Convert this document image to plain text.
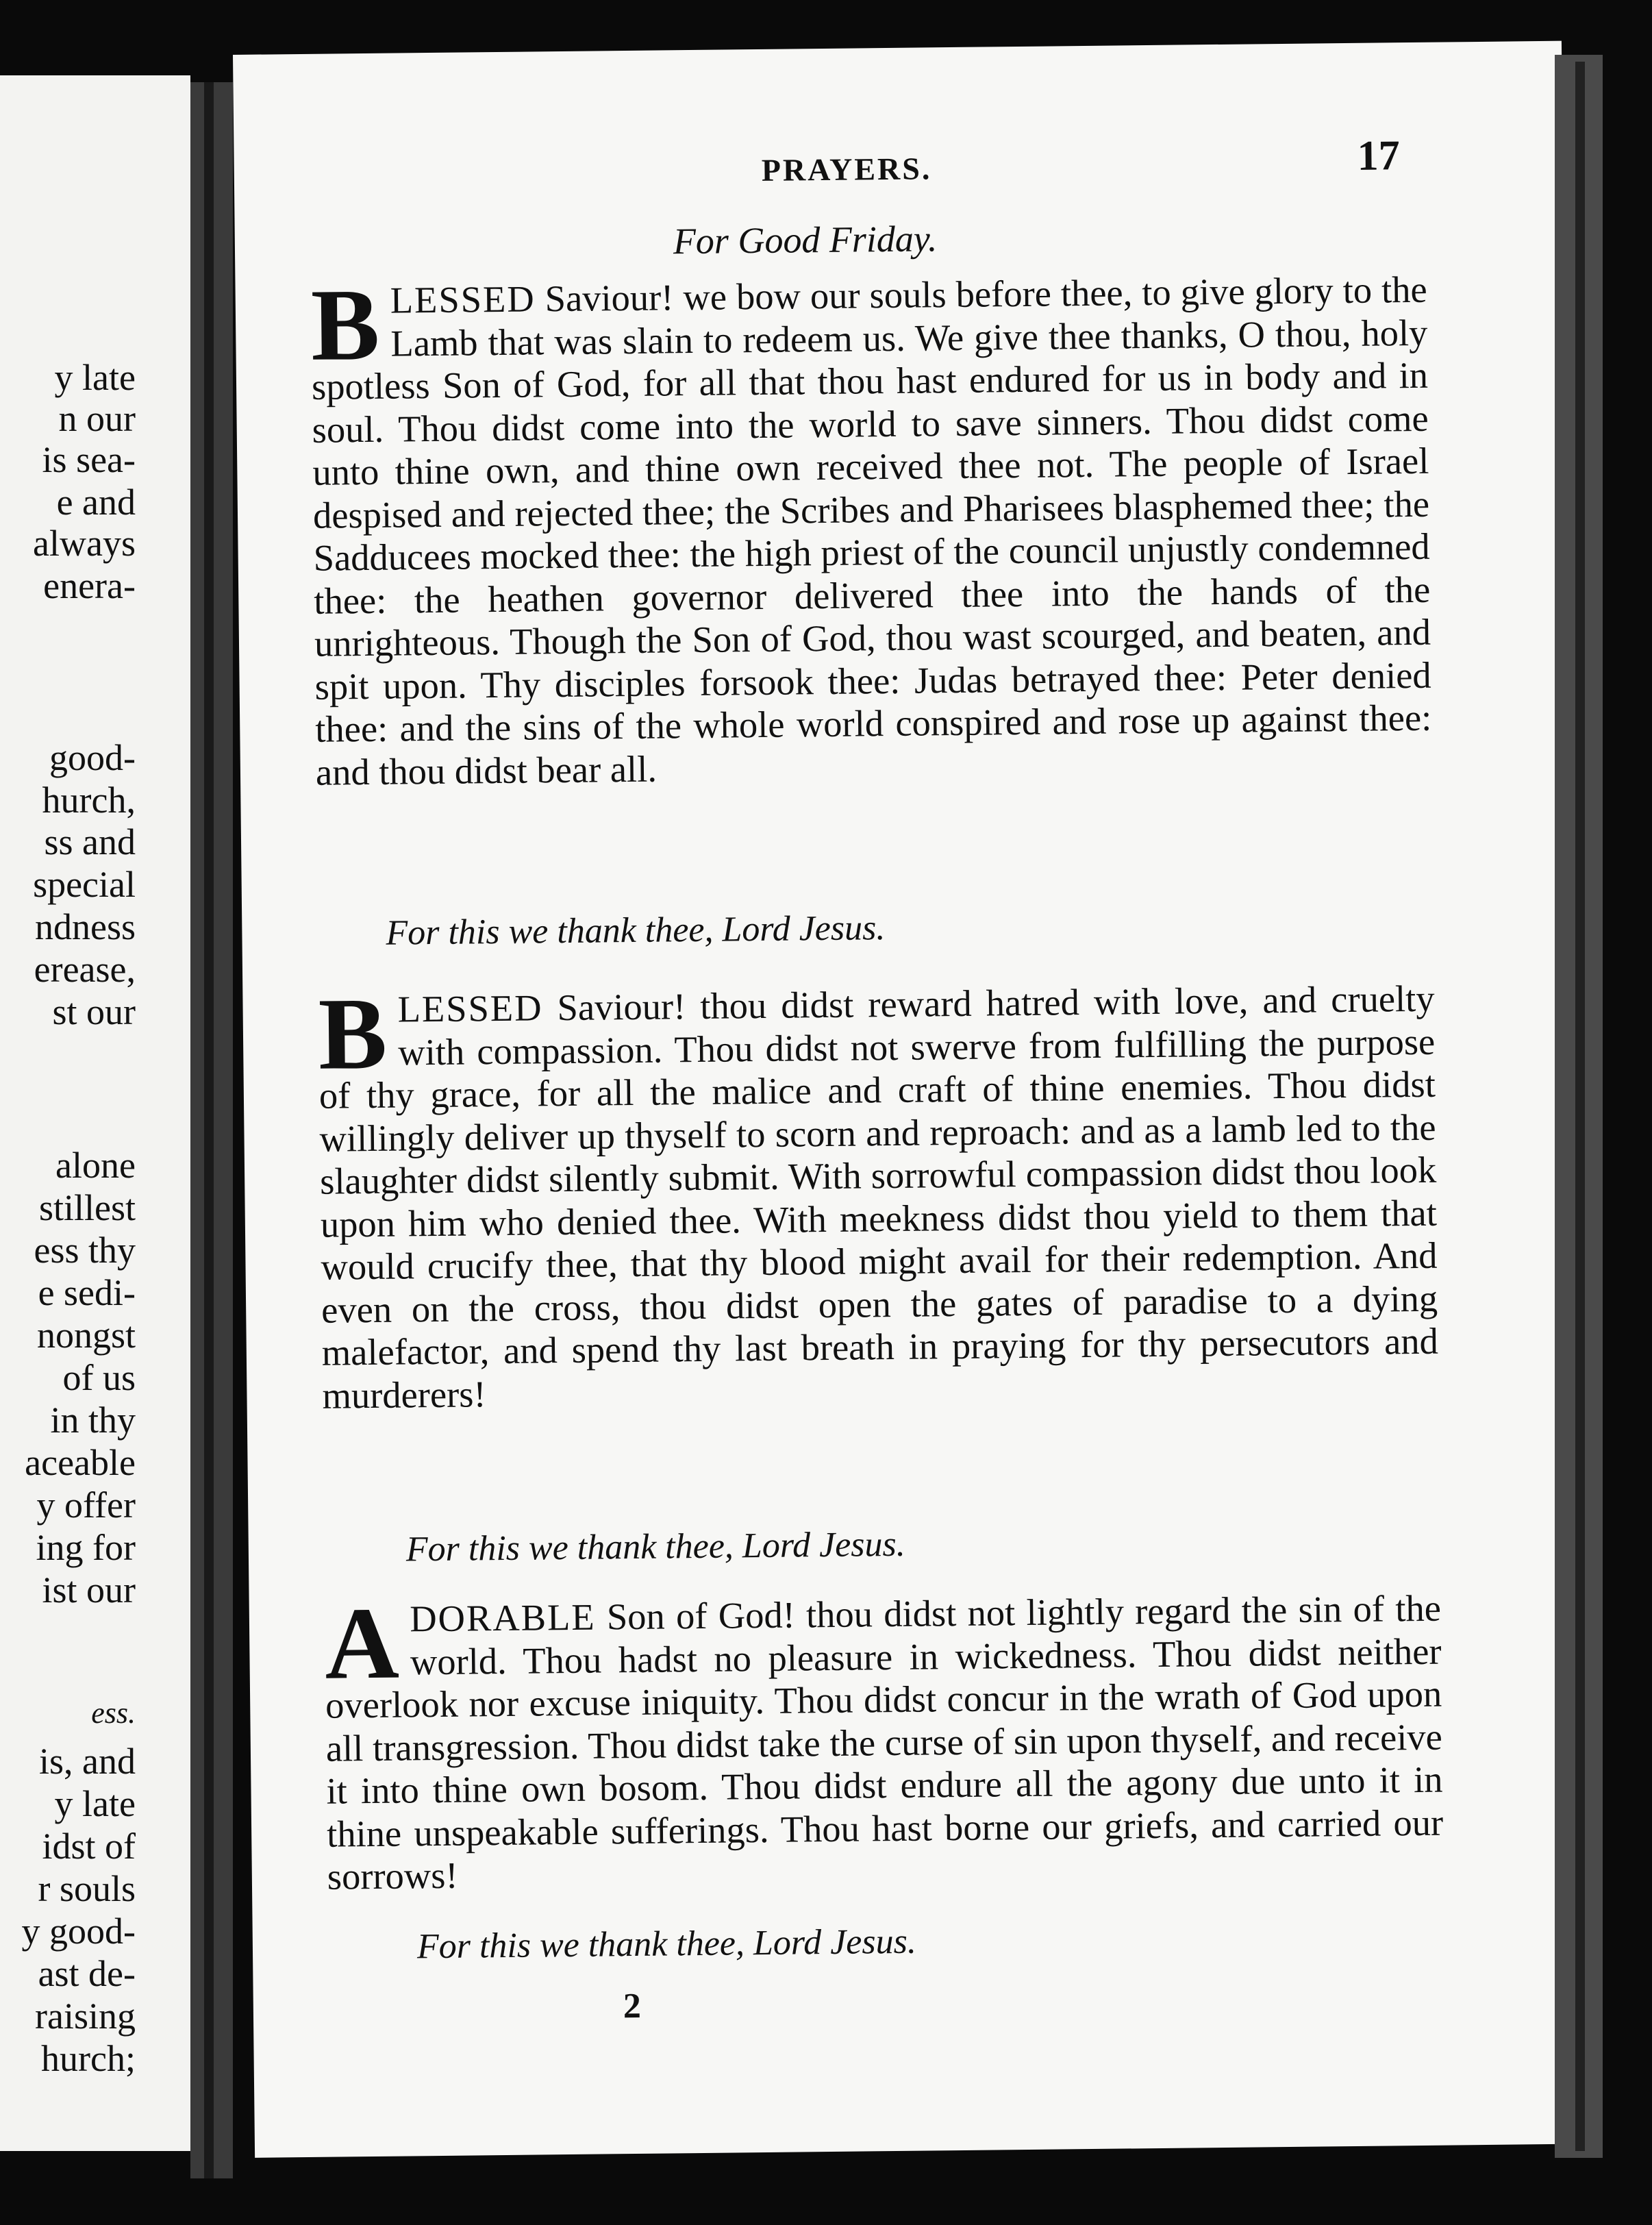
y late
n our
is sea-
e and
always
enera-
good-
hurch,
ss and
special
ndness
erease,
st our
alone
stillest
ess thy
e sedi-
nongst
of us
in thy
aceable
y offer
ing for
ist our
ess.
is, and
y late
idst of
r souls
y good-
ast de-
raising
hurch;
PRAYERS.	17
For Good Friday.
BLESSED Saviour! we bow our souls before thee, to give glory to the Lamb that was slain to redeem us. We give thee thanks, O thou, holy spotless Son of God, for all that thou hast endured for us in body and in soul. Thou didst come into the world to save sinners. Thou didst come unto thine own, and thine own received thee not. The people of Israel despised and rejected thee; the Scribes and Pharisees blasphemed thee; the Sadducees mocked thee: the high priest of the council unjustly condemned thee: the heathen governor delivered thee into the hands of the unrighteous. Though the Son of God, thou wast scourged, and beaten, and spit upon. Thy disciples forsook thee: Judas betrayed thee: Peter denied thee: and the sins of the whole world conspired and rose up against thee: and thou didst bear all.
For this we thank thee, Lord Jesus.
BLESSED Saviour! thou didst reward hatred with love, and cruelty with compassion. Thou didst not swerve from fulfilling the purpose of thy grace, for all the malice and craft of thine enemies. Thou didst willingly deliver up thyself to scorn and reproach: and as a lamb led to the slaughter didst silently submit. With sorrowful compassion didst thou look upon him who denied thee. With meekness didst thou yield to them that would crucify thee, that thy blood might avail for their redemption. And even on the cross, thou didst open the gates of paradise to a dying malefactor, and spend thy last breath in praying for thy persecutors and murderers!
For this we thank thee, Lord Jesus.
ADORABLE Son of God! thou didst not lightly regard the sin of the world. Thou hadst no pleasure in wickedness. Thou didst neither overlook nor excuse iniquity. Thou didst concur in the wrath of God upon all transgression. Thou didst take the curse of sin upon thyself, and receive it into thine own bosom. Thou didst endure all the agony due unto it in thine unspeakable sufferings. Thou hast borne our griefs, and carried our sorrows!
For this we thank thee, Lord Jesus.
2
